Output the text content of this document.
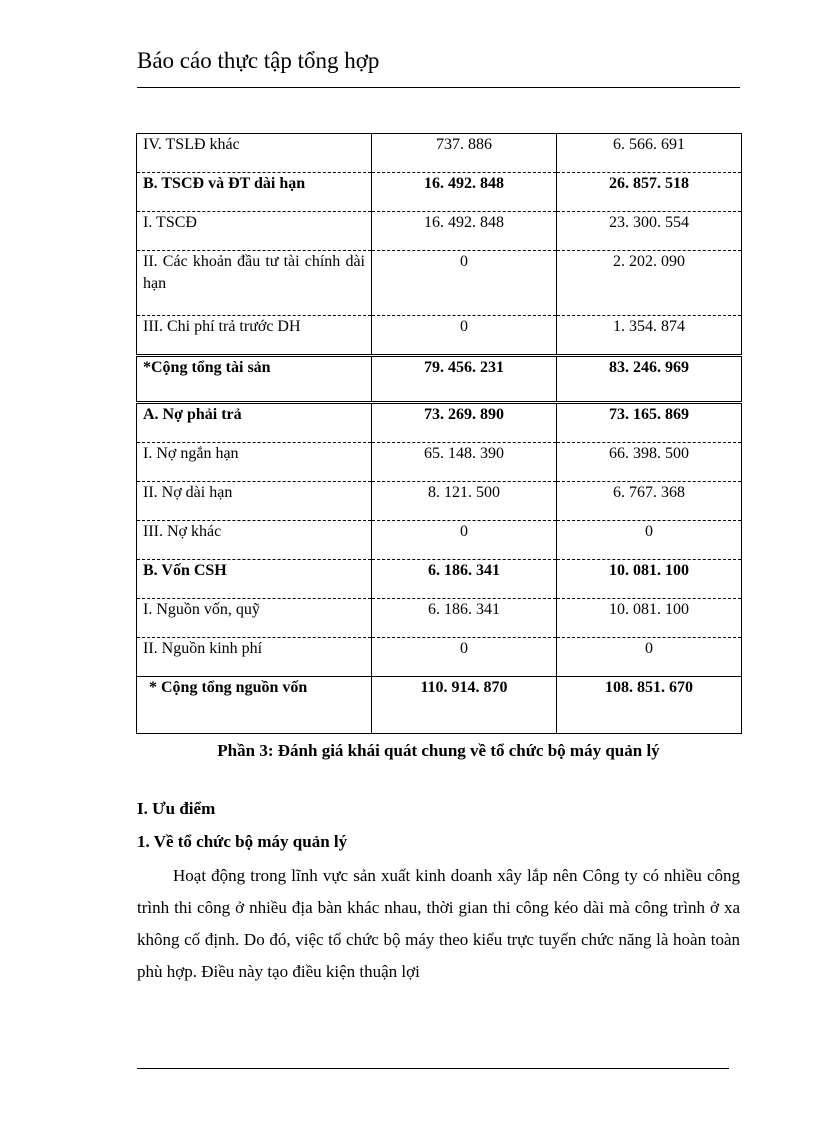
Báo cáo thực tập tổng hợp
IV. TSLĐ khác	737. 886	6. 566. 691
B. TSCĐ và ĐT dài hạn	16. 492. 848	26. 857. 518
I. TSCĐ	16. 492. 848	23. 300. 554
II. Các khoản đầu tư tài chính dài hạn	0	2. 202. 090
III. Chi phí trả trước DH	0	1. 354. 874
*Cộng tổng tài sản	79. 456. 231	83. 246. 969
A. Nợ phải trả	73. 269. 890	73. 165. 869
I. Nợ ngắn hạn	65. 148. 390	66. 398. 500
II. Nợ dài hạn	8. 121. 500	6. 767. 368
III. Nợ khác	0	0
B. Vốn CSH	6. 186. 341	10. 081. 100
I. Nguồn vốn, quỹ	6. 186. 341	10. 081. 100
II. Nguồn kinh phí	0	0
* Cộng tổng nguồn vốn	110. 914. 870	108. 851. 670
Phần 3: Đánh giá khái quát chung về tổ chức bộ máy quản lý
I. Ưu điểm
1. Về tổ chức bộ máy quản lý
Hoạt động trong lĩnh vực sản xuất kinh doanh xây lắp nên Công ty có nhiều công trình thi công ở nhiều địa bàn khác nhau, thời gian thi công kéo dài mà công trình ở xa không cố định. Do đó, việc tổ chức bộ máy theo kiểu trực tuyến chức năng là hoàn toàn phù hợp. Điều này tạo điều kiện thuận lợi
